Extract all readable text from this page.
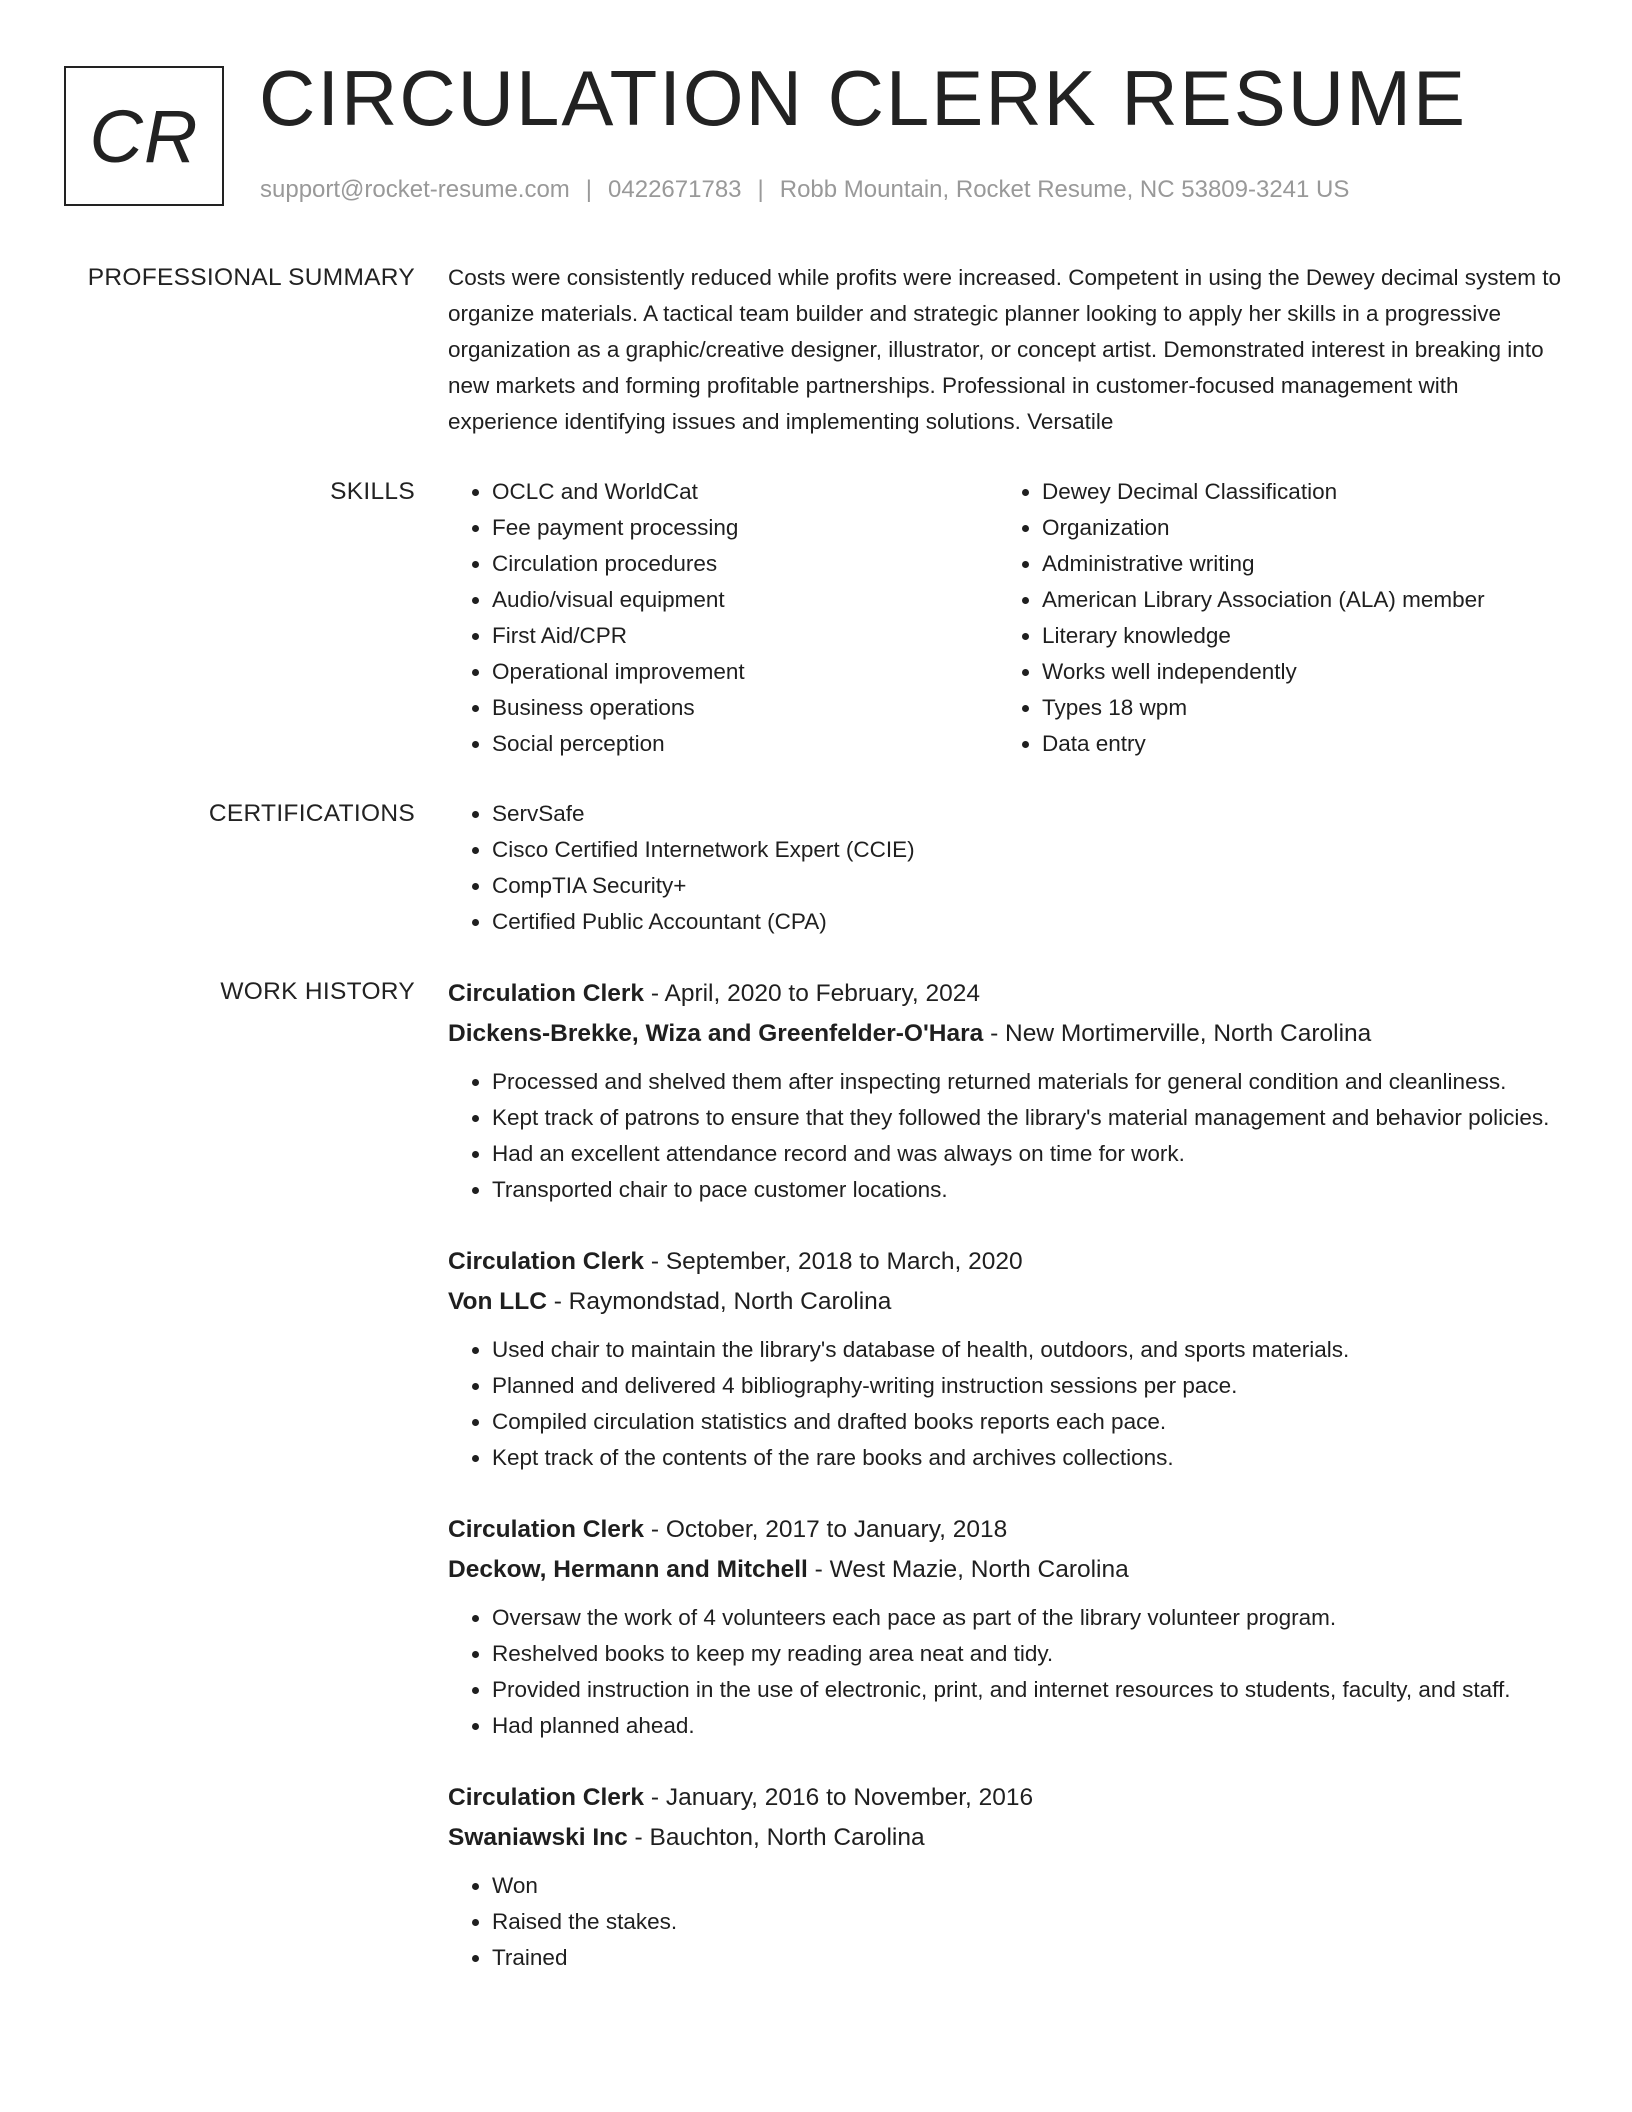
CR CIRCULATION CLERK RESUME
support@rocket-resume.com | 0422671783 | Robb Mountain, Rocket Resume, NC 53809-3241 US
PROFESSIONAL SUMMARY Costs were consistently reduced while profits were increased. Competent in using the Dewey decimal system to organize materials. A tactical team builder and strategic planner looking to apply her skills in a progressive organization as a graphic/creative designer, illustrator, or concept artist. Demonstrated interest in breaking into new markets and forming profitable partnerships. Professional in customer-focused management with experience identifying issues and implementing solutions. Versatile

SKILLS	• OCLC and WorldCat
• Fee payment processing
• Circulation procedures
• Audio/visual equipment
• First Aid/CPR
• Operational improvement
• Business operations
• Social perception
• Dewey Decimal Classification
• Organization
• Administrative writing
• American Library Association (ALA) member
• Literary knowledge
• Works well independently
• Types 18 wpm
• Data entry
CERTIFICATIONS	• ServSafe
• Cisco Certified Internetwork Expert (CCIE)
• CompTIA Security+
• Certified Public Accountant (CPA)
WORK HISTORY Circulation Clerk - April, 2020 to February, 2024
Dickens-Brekke, Wiza and Greenfelder-O'Hara - New Mortimerville, North Carolina
• Processed and shelved them after inspecting returned materials for general condition and cleanliness.
• Kept track of patrons to ensure that they followed the library's material management and behavior policies.
• Had an excellent attendance record and was always on time for work.
• Transported chair to pace customer locations.
Circulation Clerk - September, 2018 to March, 2020
Von LLC - Raymondstad, North Carolina
• Used chair to maintain the library's database of health, outdoors, and sports materials.
• Planned and delivered 4 bibliography-writing instruction sessions per pace.
• Compiled circulation statistics and drafted books reports each pace.
• Kept track of the contents of the rare books and archives collections.
Circulation Clerk - October, 2017 to January, 2018
Deckow, Hermann and Mitchell - West Mazie, North Carolina
• Oversaw the work of 4 volunteers each pace as part of the library volunteer program.
• Reshelved books to keep my reading area neat and tidy.
• Provided instruction in the use of electronic, print, and internet resources to students, faculty, and staff.
• Had planned ahead.
Circulation Clerk - January, 2016 to November, 2016
Swaniawski Inc - Bauchton, North Carolina
• Won
• Raised the stakes.
• Trained
